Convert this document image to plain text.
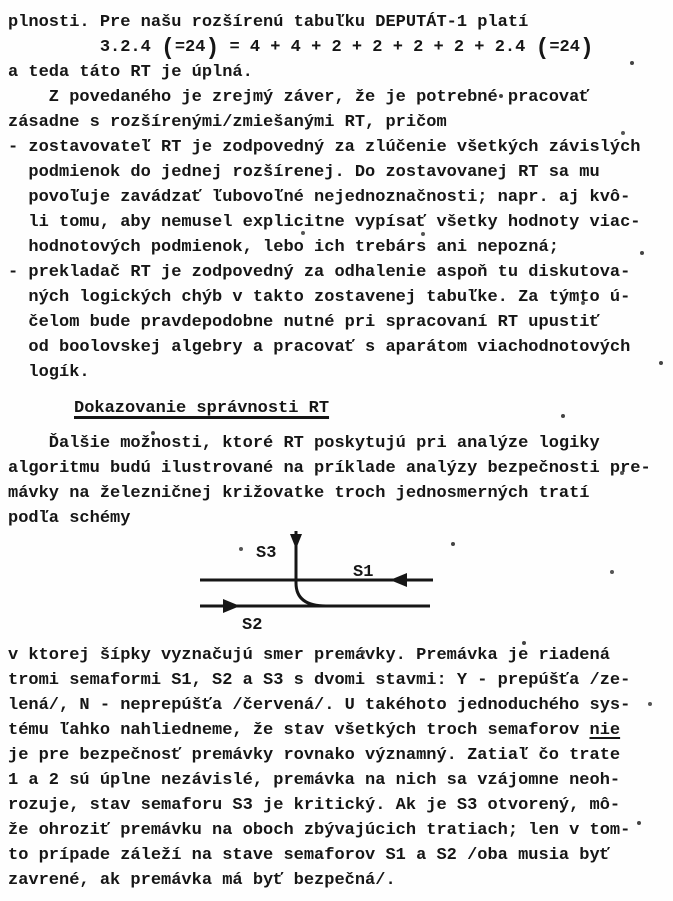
plnosti. Pre našu rozšírenú tabuľku DEPUTÁT-1 platí
3.2.4 (=24) = 4 + 4 + 2 + 2 + 2 + 2 + 2.4 (=24)
a teda táto RT je úplná.
Z povedaného je zrejmý záver, že je potrebné pracovať
zásadne s rozšírenými/zmiešanými RT, pričom
- zostavovateľ RT je zodpovedný za zlúčenie všetkých závislých
podmienok do jednej rozšírenej. Do zostavovanej RT sa mu
povoľuje zavádzať ľubovoľné nejednoznačnosti; napr. aj kvô-
li tomu, aby nemusel explicitne vypísať všetky hodnoty viac-
hodnotových podmienok, lebo ich trebárs ani nepozná;
- prekladač RT je zodpovedný za odhalenie aspoň tu diskutova-
ných logických chýb v takto zostavenej tabuľke. Za týmto ú-
čelom bude pravdepodobne nutné pri spracovaní RT upustiť
od boolovskej algebry a pracovať s aparátom viachodnotových
logík.
Dokazovanie správnosti RT
Ďalšie možnosti, ktoré RT poskytujú pri analýze logiky
algoritmu budú ilustrované na príklade analýzy bezpečnosti pre-
mávky na železničnej križovatke troch jednosmerných tratí
podľa schémy
S3
S1
S2
v ktorej šípky vyznačujú smer premávky. Premávka je riadená
tromi semaformi S1, S2 a S3 s dvomi stavmi: Y - prepúšťa /ze-
lená/, N - neprepúšťa /červená/. U takéhoto jednoduchého sys-
tému ľahko nahliedneme, že stav všetkých troch semaforov nie
je pre bezpečnosť premávky rovnako významný. Zatiaľ čo trate
1 a 2 sú úplne nezávislé, premávka na nich sa vzájomne neoh-
rozuje, stav semaforu S3 je kritický. Ak je S3 otvorený, mô-
že ohroziť premávku na oboch zbývajúcich tratiach; len v tom-
to prípade záleží na stave semaforov S1 a S2 /oba musia byť
zavrené, ak premávka má byť bezpečná/.
